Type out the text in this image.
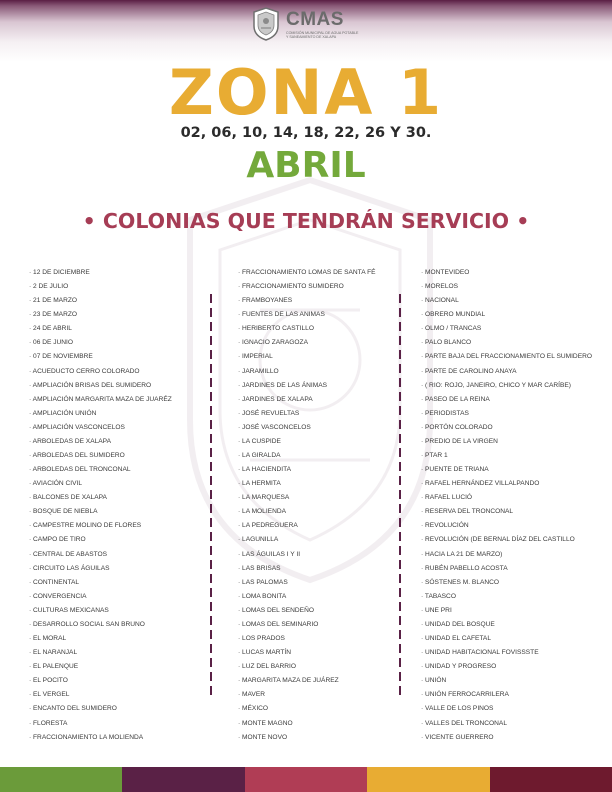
CMAS
COMISIÓN MUNICIPAL DE AGUA POTABLE
Y SANEAMIENTO DE XALAPA
ZONA 1
02, 06, 10, 14, 18, 22, 26 Y 30.
ABRIL
• COLONIAS QUE TENDRÁN SERVICIO •
· 12 DE DICIEMBRE
· 2 DE JULIO
· 21 DE MARZO
· 23 DE MARZO
· 24 DE ABRIL
· 06 DE JUNIO
· 07 DE NOVIEMBRE
· ACUEDUCTO CERRO COLORADO
· AMPLIACIÓN BRISAS DEL SUMIDERO
· AMPLIACIÓN MARGARITA MAZA DE JUARÉZ
· AMPLIACIÓN UNIÓN
· AMPLIACIÓN VASCONCELOS
· ARBOLEDAS DE XALAPA
· ARBOLEDAS DEL SUMIDERO
· ARBOLEDAS DEL TRONCONAL
· AVIACIÓN CIVIL
· BALCONES DE XALAPA
· BOSQUE DE NIEBLA
· CAMPESTRE MOLINO DE FLORES
· CAMPO DE TIRO
· CENTRAL DE ABASTOS
· CIRCUITO LAS ÁGUILAS
· CONTINENTAL
· CONVERGENCIA
· CULTURAS MEXICANAS
· DESARROLLO SOCIAL SAN BRUNO
· EL MORAL
· EL NARANJAL
· EL PALENQUE
· EL POCITO
· EL VERGEL
· ENCANTO DEL SUMIDERO
· FLORESTA
· FRACCIONAMIENTO LA MOLIENDA
· FRACCIONAMIENTO LOMAS DE SANTA FÉ
· FRACCIONAMIENTO SUMIDERO
· FRAMBOYANES
· FUENTES DE LAS ANIMAS
· HERIBERTO CASTILLO
· IGNACIO ZARAGOZA
· IMPERIAL
· JARAMILLO
· JARDINES DE LAS ÁNIMAS
· JARDINES DE XALAPA
· JOSÉ REVUELTAS
· JOSÉ VASCONCELOS
· LA CUSPIDE
· LA GIRALDA
· LA HACIENDITA
· LA HERMITA
· LA MARQUESA
· LA MOLIENDA
· LA PEDREGUERA
· LAGUNILLA
· LAS ÁGUILAS I Y II
· LAS BRISAS
· LAS PALOMAS
· LOMA BONITA
· LOMAS DEL SENDEÑO
· LOMAS DEL SEMINARIO
· LOS PRADOS
· LUCAS MARTÍN
· LUZ DEL BARRIO
· MARGARITA MAZA DE JUÁREZ
· MAVER
· MÉXICO
· MONTE MAGNO
· MONTE NOVO
· MONTEVIDEO
· MORELOS
· NACIONAL
· OBRERO MUNDIAL
· OLMO / TRANCAS
· PALO BLANCO
· PARTE BAJA DEL FRACCIONAMIENTO EL SUMIDERO
· PARTE DE CAROLINO ANAYA
· ( RIO: ROJO, JANEIRO, CHICO Y MAR CARÍBE)
· PASEO DE LA REINA
· PERIODISTAS
· PORTÓN COLORADO
· PREDIO DE LA VIRGEN
· PTAR 1
· PUENTE DE TRIANA
· RAFAEL HERNÁNDEZ VILLALPANDO
· RAFAEL LUCIÓ
· RESERVA DEL TRONCONAL
· REVOLUCIÓN
· REVOLUCIÓN (DE BERNAL DÍAZ DEL CASTILLO
· HACIA LA 21 DE MARZO)
· RUBÉN PABELLO ACOSTA
· SÓSTENES M. BLANCO
· TABASCO
· UNE PRI
· UNIDAD DEL BOSQUE
· UNIDAD EL CAFETAL
· UNIDAD HABITACIONAL FOVISSSTE
· UNIDAD Y PROGRESO
· UNIÓN
· UNIÓN FERROCARRILERA
· VALLE DE LOS PINOS
· VALLES DEL TRONCONAL
· VICENTE GUERRERO
